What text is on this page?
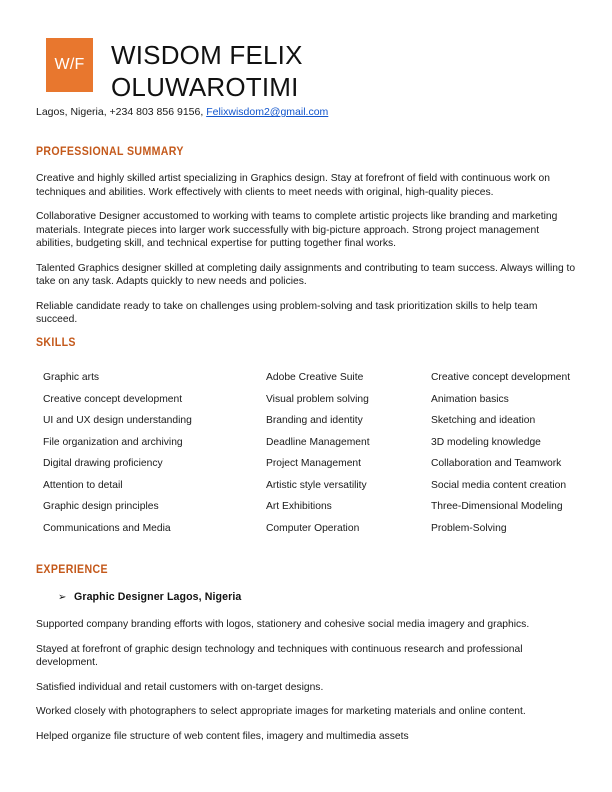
W/F WISDOM FELIX
OLUWAROTIMI
Lagos, Nigeria, +234 803 856 9156, Felixwisdom2@gmail.com
PROFESSIONAL SUMMARY

Creative and highly skilled artist specializing in Graphics design. Stay at forefront of field with continuous work on techniques and abilities. Work effectively with clients to meet needs with original, high-quality pieces.

Collaborative Designer accustomed to working with teams to complete artistic projects like branding and marketing materials. Integrate pieces into larger work successfully with big-picture approach. Strong project management abilities, budgeting skill, and technical expertise for putting together final works.

Talented Graphics designer skilled at completing daily assignments and contributing to team success. Always willing to take on any task. Adapts quickly to new needs and policies.

Reliable candidate ready to take on challenges using problem-solving and task prioritization skills to help team succeed.

SKILLS
Graphic arts	Adobe Creative Suite	Creative concept development
Creative concept development	Visual problem solving	Animation basics
UI and UX design understanding	Branding and identity	Sketching and ideation
File organization and archiving	Deadline Management	3D modeling knowledge
Digital drawing proficiency	Project Management	Collaboration and Teamwork
Attention to detail	Artistic style versatility	Social media content creation
Graphic design principles	Art Exhibitions	Three-Dimensional Modeling
Communications and Media	Computer Operation	Problem-Solving
EXPERIENCE
➢ Graphic Designer Lagos, Nigeria

Supported company branding efforts with logos, stationery and cohesive social media imagery and graphics.

Stayed at forefront of graphic design technology and techniques with continuous research and professional development.

Satisfied individual and retail customers with on-target designs.

Worked closely with photographers to select appropriate images for marketing materials and online content.

Helped organize file structure of web content files, imagery and multimedia assets
